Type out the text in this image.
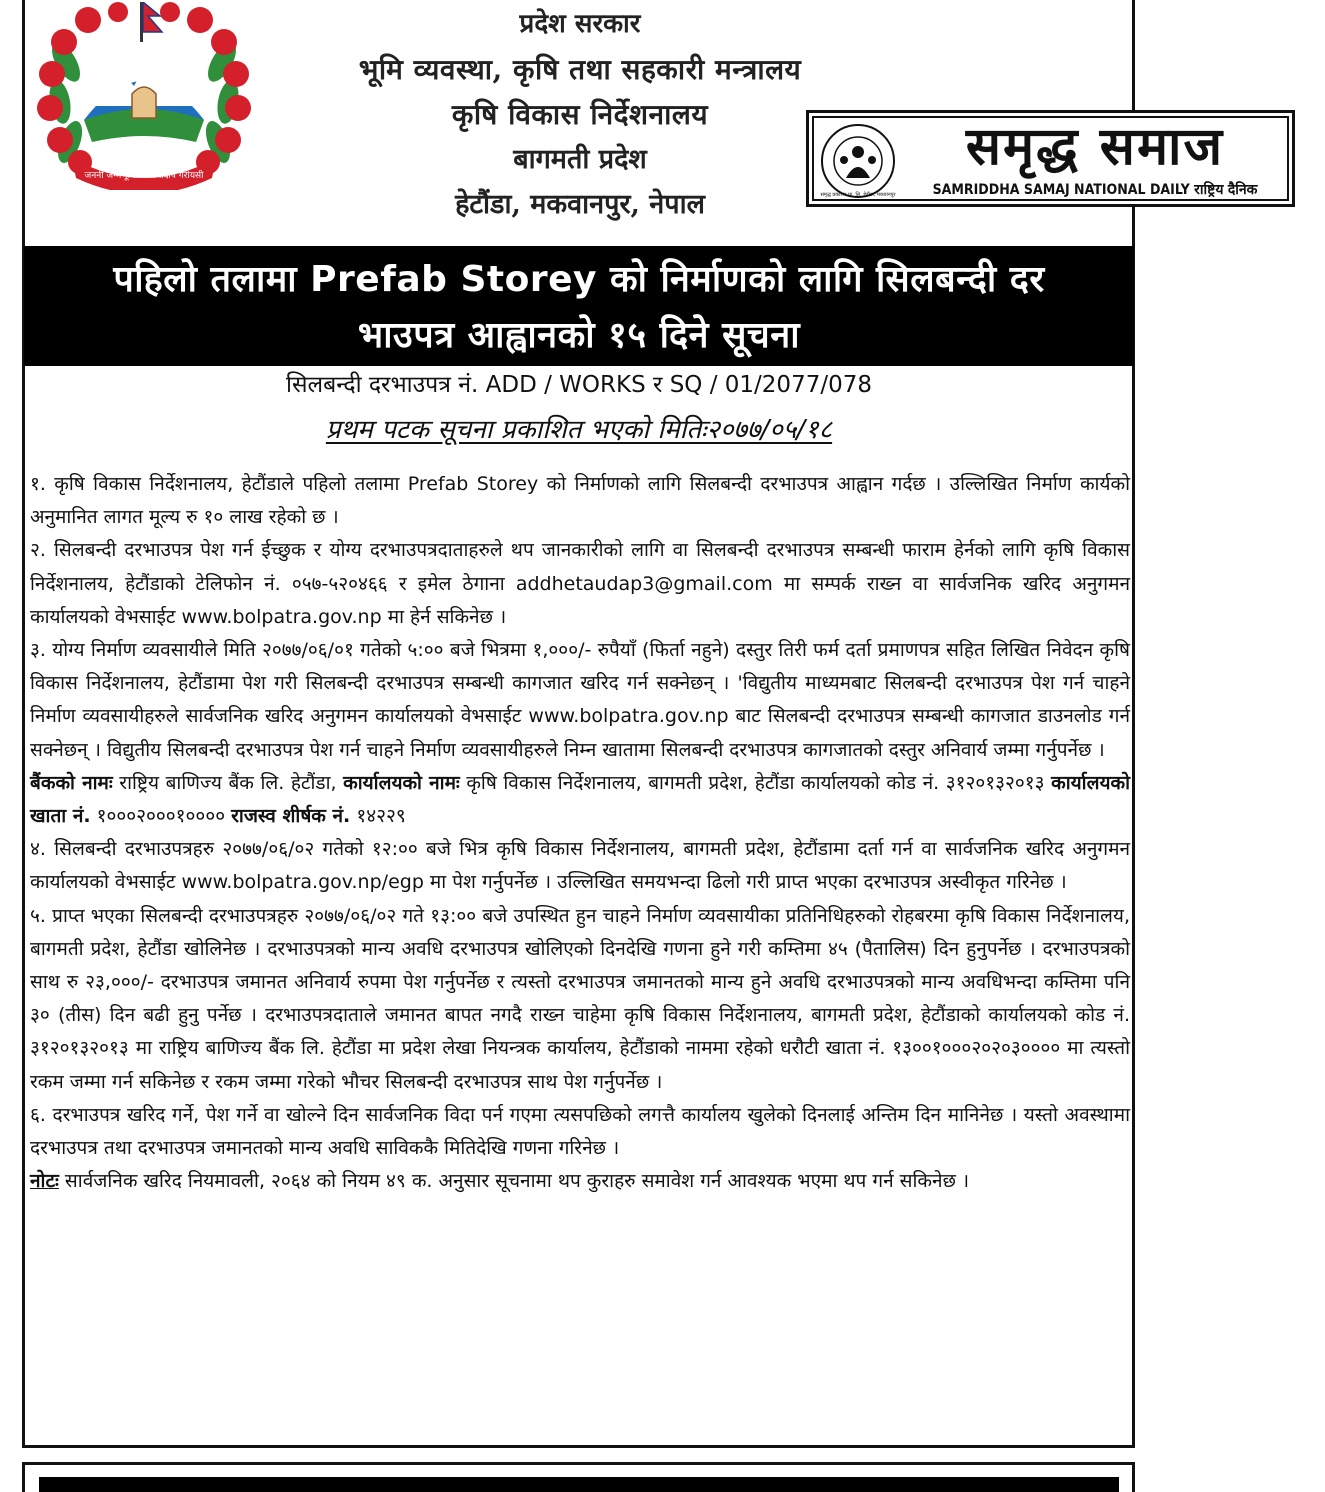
जननी जन्मभूमिश्च स्वर्गादपि गरीयसी
प्रदेश सरकार
भूमि व्यवस्था, कृषि तथा सहकारी मन्त्रालय
कृषि विकास निर्देशनालय
बागमती प्रदेश
हेटौंडा, मकवानपुर, नेपाल	समृद्ध प्रकाशन प्रा. लि. हेटौंडा, मकवानपुर
समृद्ध समाज
SAMRIDDHA SAMAJ NATIONAL DAILY राष्ट्रिय दैनिक
पहिलो तलामा Prefab Storey को निर्माणको लागि सिलबन्दी दर
भाउपत्र आह्वानको १५ दिने सूचना
सिलबन्दी दरभाउपत्र नं. ADD / WORKS र SQ / 01/2077/078
प्रथम पटक सूचना प्रकाशित भएको मितिः२०७७/०५/१८

१. कृषि विकास निर्देशनालय, हेटौंडाले पहिलो तलामा Prefab Storey को निर्माणको लागि सिलबन्दी दरभाउपत्र आह्वान गर्दछ । उल्लिखित निर्माण कार्यको अनुमानित लागत मूल्य रु १० लाख रहेको छ ।

२. सिलबन्दी दरभाउपत्र पेश गर्न ईच्छुक र योग्य दरभाउपत्रदाताहरुले थप जानकारीको लागि वा सिलबन्दी दरभाउपत्र सम्बन्धी फाराम हेर्नको लागि कृषि विकास निर्देशनालय, हेटौंडाको टेलिफोन नं. ०५७-५२०४६६ र इमेल ठेगाना addhetaudap3@gmail.com मा सम्पर्क राख्न वा सार्वजनिक खरिद अनुगमन कार्यालयको वेभसाईट www.bolpatra.gov.np मा हेर्न सकिनेछ ।

३. योग्य निर्माण व्यवसायीले मिति २०७७/०६/०१ गतेको ५:०० बजे भित्रमा १,०००/- रुपैयाँ (फिर्ता नहुने) दस्तुर तिरी फर्म दर्ता प्रमाणपत्र सहित लिखित निवेदन कृषि विकास निर्देशनालय, हेटौंडामा पेश गरी सिलबन्दी दरभाउपत्र सम्बन्धी कागजात खरिद गर्न सक्नेछन् । 'विद्युतीय माध्यमबाट सिलबन्दी दरभाउपत्र पेश गर्न चाहने निर्माण व्यवसायीहरुले सार्वजनिक खरिद अनुगमन कार्यालयको वेभसाईट www.bolpatra.gov.np बाट सिलबन्दी दरभाउपत्र सम्बन्धी कागजात डाउनलोड गर्न सक्नेछन् । विद्युतीय सिलबन्दी दरभाउपत्र पेश गर्न चाहने निर्माण व्यवसायीहरुले निम्न खातामा सिलबन्दी दरभाउपत्र कागजातको दस्तुर अनिवार्य जम्मा गर्नुपर्नेछ ।

बैंकको नामः राष्ट्रिय बाणिज्य बैंक लि. हेटौंडा, कार्यालयको नामः कृषि विकास निर्देशनालय, बागमती प्रदेश, हेटौंडा कार्यालयको कोड नं. ३१२०१३२०१३ कार्यालयको खाता नं. १०००२०००१०००० राजस्व शीर्षक नं. १४२२९

४. सिलबन्दी दरभाउपत्रहरु २०७७/०६/०२ गतेको १२:०० बजे भित्र कृषि विकास निर्देशनालय, बागमती प्रदेश, हेटौंडामा दर्ता गर्न वा सार्वजनिक खरिद अनुगमन कार्यालयको वेभसाईट www.bolpatra.gov.np/egp मा पेश गर्नुपर्नेछ । उल्लिखित समयभन्दा ढिलो गरी प्राप्त भएका दरभाउपत्र अस्वीकृत गरिनेछ ।

५. प्राप्त भएका सिलबन्दी दरभाउपत्रहरु २०७७/०६/०२ गते १३:०० बजे उपस्थित हुन चाहने निर्माण व्यवसायीका प्रतिनिधिहरुको रोहबरमा कृषि विकास निर्देशनालय, बागमती प्रदेश, हेटौंडा खोलिनेछ । दरभाउपत्रको मान्य अवधि दरभाउपत्र खोलिएको दिनदेखि गणना हुने गरी कम्तिमा ४५ (पैतालिस) दिन हुनुपर्नेछ । दरभाउपत्रको साथ रु २३,०००/- दरभाउपत्र जमानत अनिवार्य रुपमा पेश गर्नुपर्नेछ र त्यस्तो दरभाउपत्र जमानतको मान्य हुने अवधि दरभाउपत्रको मान्य अवधिभन्दा कम्तिमा पनि ३० (तीस) दिन बढी हुनु पर्नेछ । दरभाउपत्रदाताले जमानत बापत नगदै राख्न चाहेमा कृषि विकास निर्देशनालय, बागमती प्रदेश, हेटौंडाको कार्यालयको कोड नं. ३१२०१३२०१३ मा राष्ट्रिय बाणिज्य बैंक लि. हेटौंडा मा प्रदेश लेखा नियन्त्रक कार्यालय, हेटौंडाको नाममा रहेको धरौटी खाता नं. १३००१०००२०२०३०००० मा त्यस्तो रकम जम्मा गर्न सकिनेछ र रकम जम्मा गरेको भौचर सिलबन्दी दरभाउपत्र साथ पेश गर्नुपर्नेछ ।

६. दरभाउपत्र खरिद गर्ने, पेश गर्ने वा खोल्ने दिन सार्वजनिक विदा पर्न गएमा त्यसपछिको लगत्तै कार्यालय खुलेको दिनलाई अन्तिम दिन मानिनेछ । यस्तो अवस्थामा दरभाउपत्र तथा दरभाउपत्र जमानतको मान्य अवधि साविककै मितिदेखि गणना गरिनेछ ।

नोटः सार्वजनिक खरिद नियमावली, २०६४ को नियम ४९ क. अनुसार सूचनामा थप कुराहरु समावेश गर्न आवश्यक भएमा थप गर्न सकिनेछ ।
